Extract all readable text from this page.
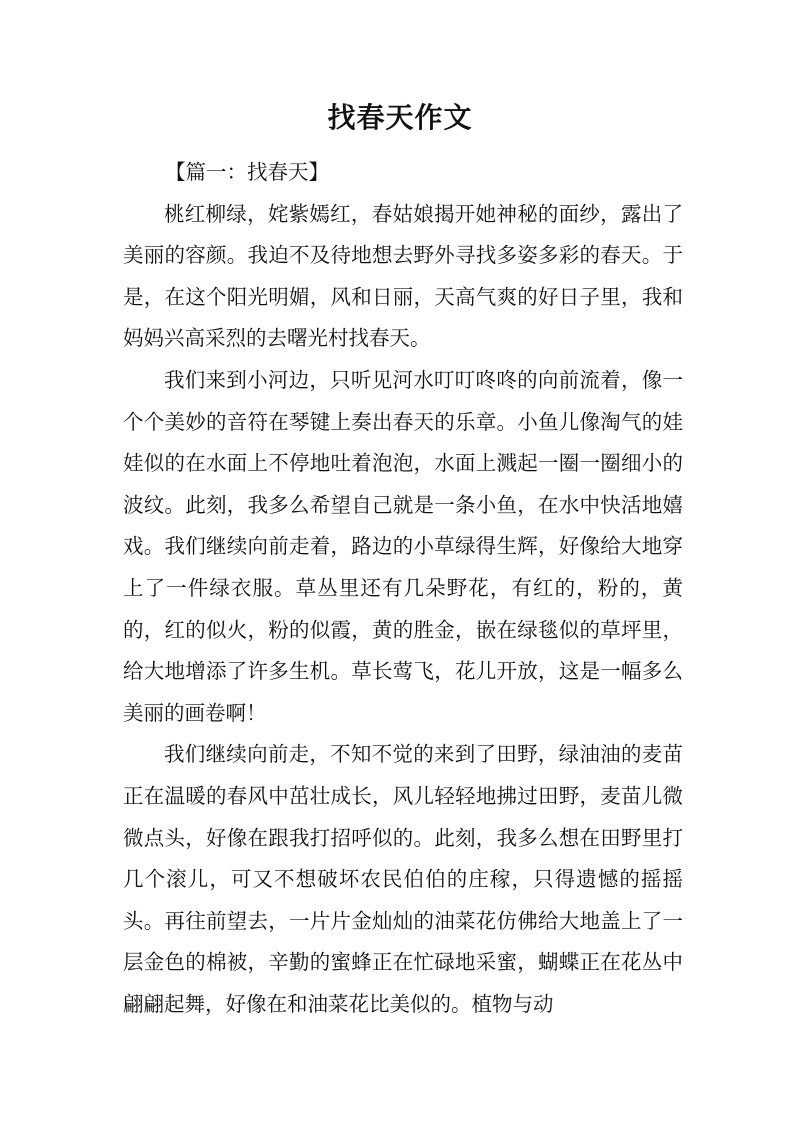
找春天作文

【篇一：找春天】

桃红柳绿，姹紫嫣红，春姑娘揭开她神秘的面纱，露出了美丽的容颜。我迫不及待地想去野外寻找多姿多彩的春天。于是，在这个阳光明媚，风和日丽，天高气爽的好日子里，我和妈妈兴高采烈的去曙光村找春天。

我们来到小河边，只听见河水叮叮咚咚的向前流着，像一个个美妙的音符在琴键上奏出春天的乐章。小鱼儿像淘气的娃娃似的在水面上不停地吐着泡泡，水面上溅起一圈一圈细小的波纹。此刻，我多么希望自己就是一条小鱼，在水中快活地嬉戏。我们继续向前走着，路边的小草绿得生辉，好像给大地穿上了一件绿衣服。草丛里还有几朵野花，有红的，粉的，黄的，红的似火，粉的似霞，黄的胜金，嵌在绿毯似的草坪里，给大地增添了许多生机。草长莺飞，花儿开放，这是一幅多么美丽的画卷啊！

我们继续向前走，不知不觉的来到了田野，绿油油的麦苗正在温暖的春风中茁壮成长，风儿轻轻地拂过田野，麦苗儿微微点头，好像在跟我打招呼似的。此刻，我多么想在田野里打几个滚儿，可又不想破坏农民伯伯的庄稼，只得遗憾的摇摇头。再往前望去，一片片金灿灿的油菜花仿佛给大地盖上了一层金色的棉被，辛勤的蜜蜂正在忙碌地采蜜，蝴蝶正在花丛中翩翩起舞，好像在和油菜花比美似的。植物与动
